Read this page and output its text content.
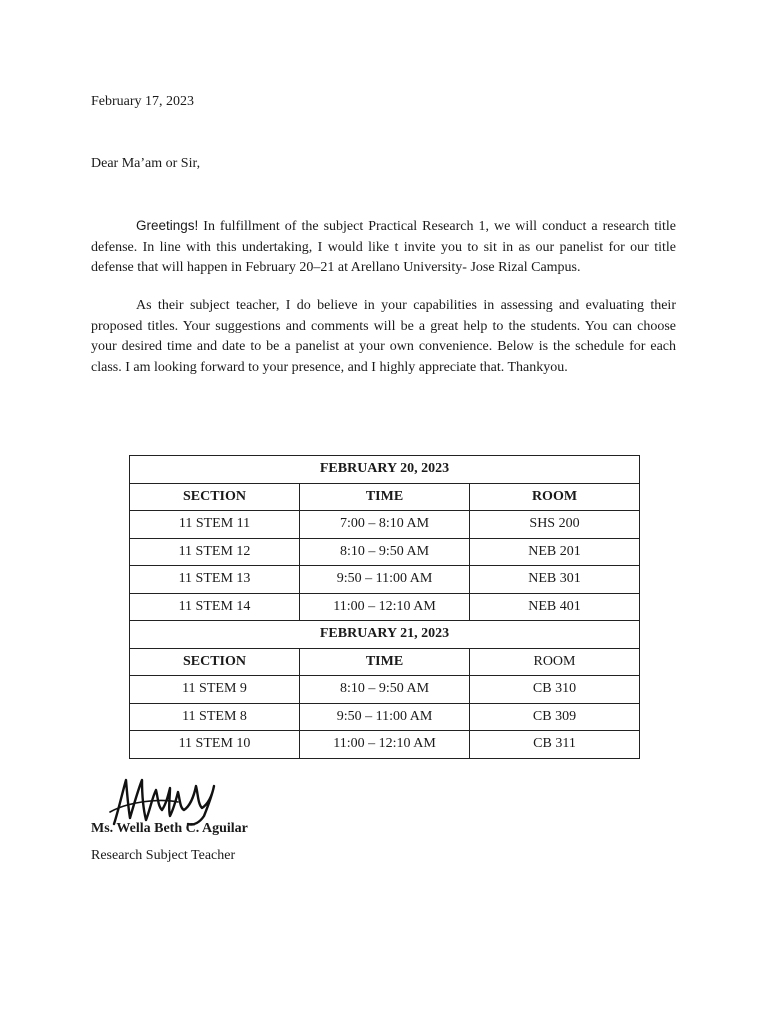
February 17, 2023
Dear Ma’am or Sir,

Greetings! In fulfillment of the subject Practical Research 1, we will conduct a research title defense. In line with this undertaking, I would like t invite you to sit in as our panelist for our title defense that will happen in February 20–21 at Arellano University- Jose Rizal Campus.

As their subject teacher, I do believe in your capabilities in assessing and evaluating their proposed titles. Your suggestions and comments will be a great help to the students. You can choose your desired time and date to be a panelist at your own convenience. Below is the schedule for each class. I am looking forward to your presence, and I highly appreciate that. Thankyou.

FEBRUARY 20, 2023		
SECTION	TIME	ROOM
11 STEM 11	7:00 – 8:10 AM	SHS 200
11 STEM 12	8:10 – 9:50 AM	NEB 201
11 STEM 13	9:50 – 11:00 AM	NEB 301
11 STEM 14	11:00 – 12:10 AM	NEB 401
FEBRUARY 21, 2023		
SECTION	TIME	ROOM
11 STEM 9	8:10 – 9:50 AM	CB 310
11 STEM 8	9:50 – 11:00 AM	CB 309
11 STEM 10	11:00 – 12:10 AM	CB 311
Ms. Wella Beth C. Aguilar
Research Subject Teacher
